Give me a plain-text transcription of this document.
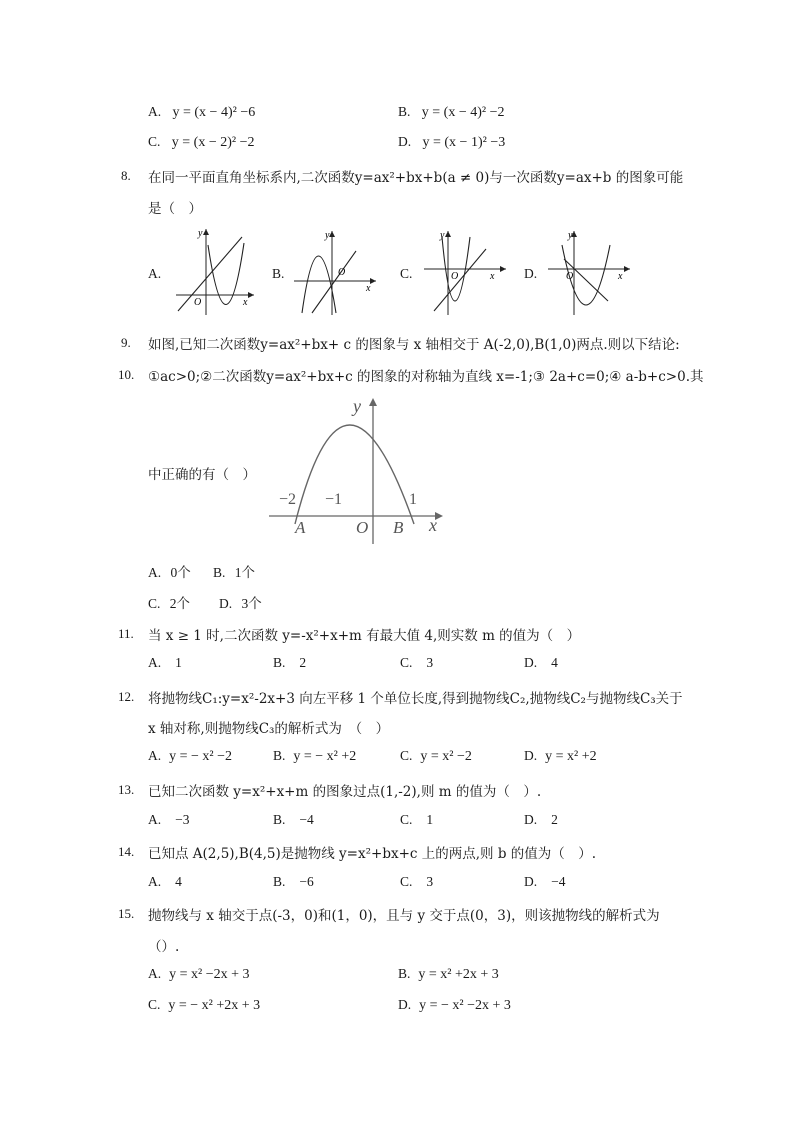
A. y = (x − 4)² −6	B. y = (x − 4)² −2
C. y = (x − 2)² −2	D. y = (x − 1)² −3
8. 在同一平面直角坐标系内,二次函数y=ax²+bx+b(a ≠ 0)与一次函数y=ax+b 的图象可能
是（　）
A.
y
O	x
B.
y
O
x
C.
y
O	x D.
y
O	x
9. 如图,已知二次函数y=ax²+bx+ c 的图象与 x 轴相交于 A(-2,0),B(1,0)两点.则以下结论:
10. ①ac>0;②二次函数y=ax²+bx+c 的图象的对称轴为直线 x=-1;③ 2a+c=0;④ a-b+c>0.其
中正确的有（　）
y
x
−2 −1	1
A	O B
A. 0个 B. 1个
C. 2个 D. 3个
11. 当 x ≥ 1 时,二次函数 y=-x²+x+m 有最大值 4,则实数 m 的值为（　）
A. 1	B. 2	C. 3	D. 4
12. 将抛物线C₁:y=x²-2x+3 向左平移 1 个单位长度,得到抛物线C₂,抛物线C₂与抛物线C₃关于
x 轴对称,则抛物线C₃的解析式为　（　）
A. y = − x² −2	B. y = − x² +2	C. y = x² −2	D. y = x² +2
13. 已知二次函数 y=x²+x+m 的图象过点(1,-2),则 m 的值为（　）.
A. −3	B. −4	C. 1	D. 2
14. 已知点 A(2,5),B(4,5)是抛物线 y=x²+bx+c 上的两点,则 b 的值为（　）.
A. 4	B. −6	C. 3	D. −4
15. 抛物线与 x 轴交于点(-3，0)和(1，0)，且与 y 交于点(0，3)，则该抛物线的解析式为
（）.
A. y = x² −2x + 3	B. y = x² +2x + 3
C. y = − x² +2x + 3	D. y = − x² −2x + 3
